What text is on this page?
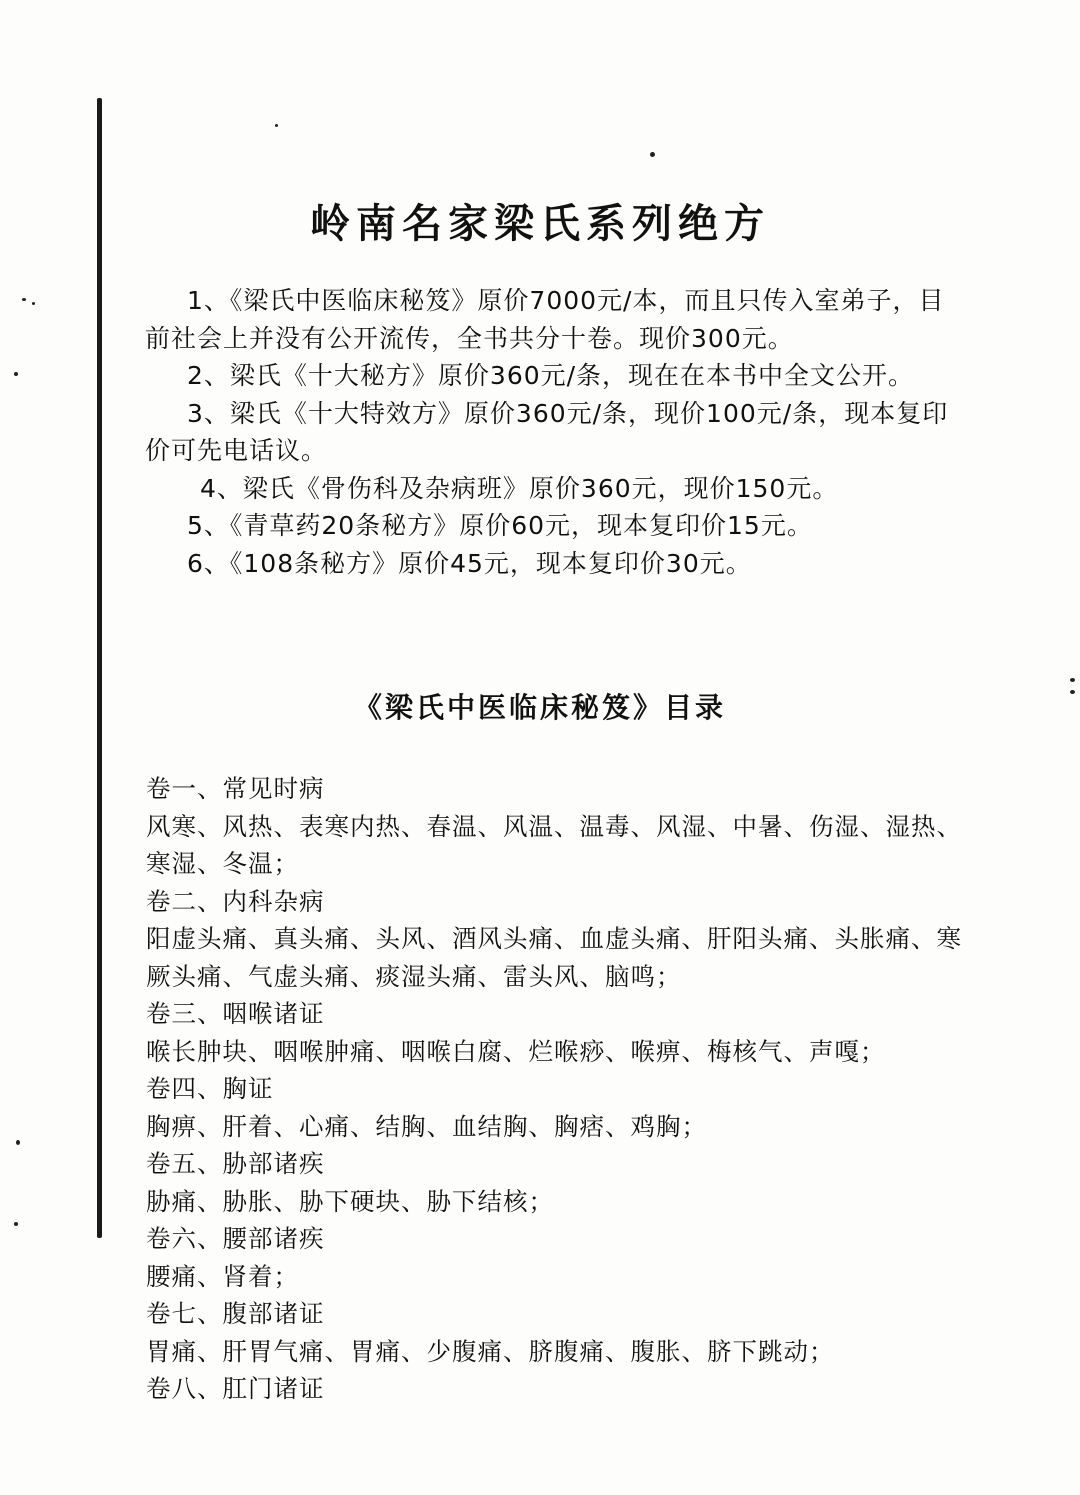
岭南名家梁氏系列绝方

1、《梁氏中医临床秘笈》原价7000元/本，而且只传入室弟子，目前社会上并没有公开流传，全书共分十卷。现价300元。

2、梁氏《十大秘方》原价360元/条，现在在本书中全文公开。

3、梁氏《十大特效方》原价360元/条，现价100元/条，现本复印价可先电话议。

4、梁氏《骨伤科及杂病班》原价360元，现价150元。

5、《青草药20条秘方》原价60元，现本复印价15元。

6、《108条秘方》原价45元，现本复印价30元。

《梁氏中医临床秘笈》目录
卷一、常见时病
风寒、风热、表寒内热、春温、风温、温毒、风湿、中暑、伤湿、湿热、寒湿、冬温；
卷二、内科杂病
阳虚头痛、真头痛、头风、酒风头痛、血虚头痛、肝阳头痛、头胀痛、寒厥头痛、气虚头痛、痰湿头痛、雷头风、脑鸣；
卷三、咽喉诸证
喉长肿块、咽喉肿痛、咽喉白腐、烂喉痧、喉痹、梅核气、声嘎；
卷四、胸证
胸痹、肝着、心痛、结胸、血结胸、胸痞、鸡胸；
卷五、胁部诸疾
胁痛、胁胀、胁下硬块、胁下结核；
卷六、腰部诸疾
腰痛、肾着；
卷七、腹部诸证
胃痛、肝胃气痛、胃痛、少腹痛、脐腹痛、腹胀、脐下跳动；
卷八、肛门诸证
